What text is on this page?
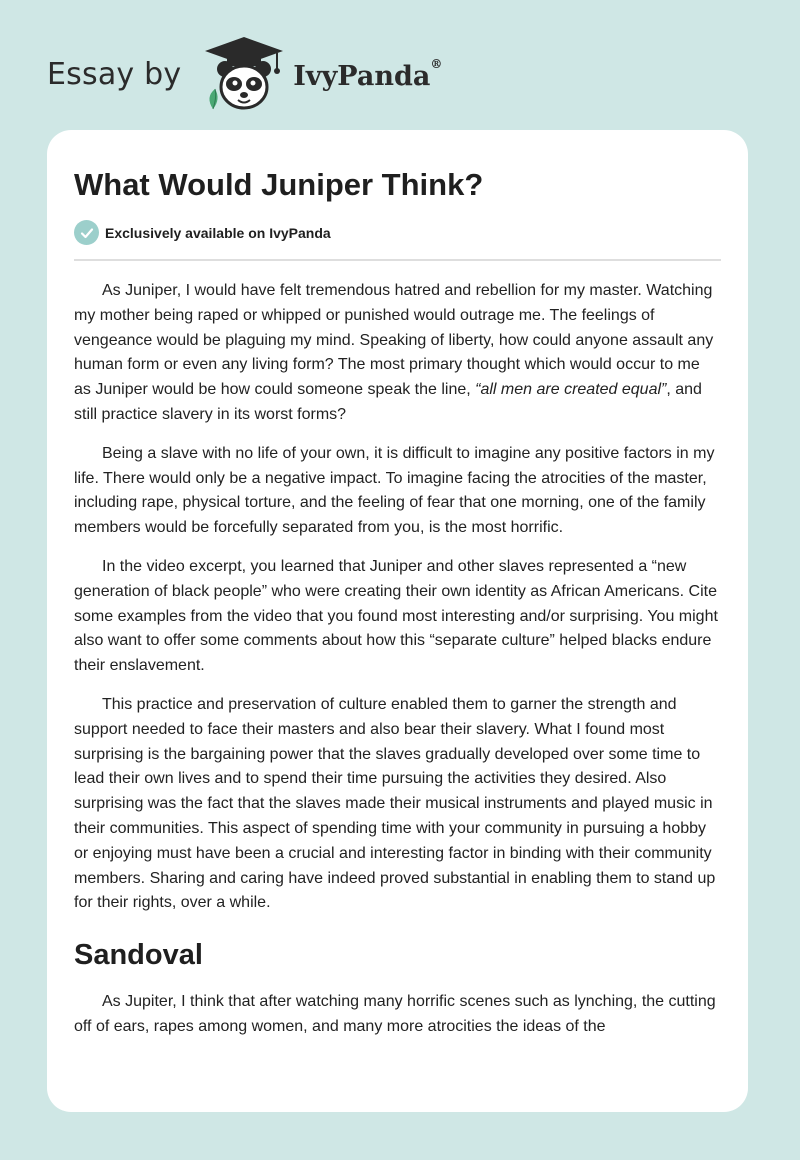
Essay by	IvyPanda®
What Would Juniper Think?
Exclusively available on IvyPanda

As Juniper, I would have felt tremendous hatred and rebellion for my master. Watching my mother being raped or whipped or punished would outrage me. The feelings of vengeance would be plaguing my mind. Speaking of liberty, how could anyone assault any human form or even any living form? The most primary thought which would occur to me as Juniper would be how could someone speak the line, “all men are created equal”, and still practice slavery in its worst forms?

Being a slave with no life of your own, it is difficult to imagine any positive factors in my life. There would only be a negative impact. To imagine facing the atrocities of the master, including rape, physical torture, and the feeling of fear that one morning, one of the family members would be forcefully separated from you, is the most horrific.

In the video excerpt, you learned that Juniper and other slaves represented a “new generation of black people” who were creating their own identity as African Americans. Cite some examples from the video that you found most interesting and/or surprising. You might also want to offer some comments about how this “separate culture” helped blacks endure their enslavement.

This practice and preservation of culture enabled them to garner the strength and support needed to face their masters and also bear their slavery. What I found most surprising is the bargaining power that the slaves gradually developed over some time to lead their own lives and to spend their time pursuing the activities they desired. Also surprising was the fact that the slaves made their musical instruments and played music in their communities. This aspect of spending time with your community in pursuing a hobby or enjoying must have been a crucial and interesting factor in binding with their community members. Sharing and caring have indeed proved substantial in enabling them to stand up for their rights, over a while.

Sandoval

As Jupiter, I think that after watching many horrific scenes such as lynching, the cutting off of ears, rapes among women, and many more atrocities the ideas of the
